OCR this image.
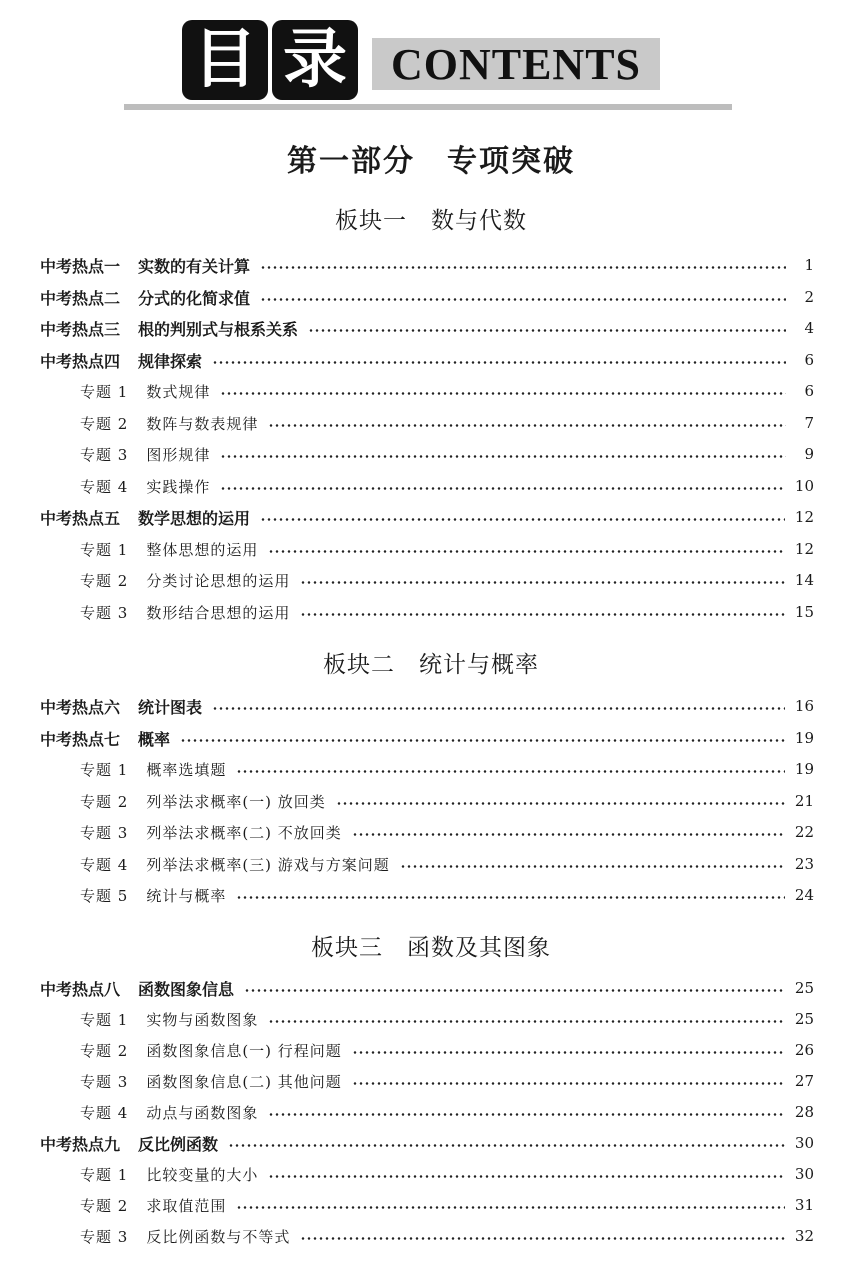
目 录 CONTENTS
第一部分　专项突破
板块一　数与代数
中考热点一 实数的有关计算	1
中考热点二 分式的化简求值	2
中考热点三 根的判别式与根系关系	4
中考热点四 规律探索	6
专题 1 数式规律	6
专题 2 数阵与数表规律	7
专题 3 图形规律	9
专题 4 实践操作	10
中考热点五 数学思想的运用	12
专题 1 整体思想的运用	12
专题 2 分类讨论思想的运用	14
专题 3 数形结合思想的运用	15
板块二　统计与概率
中考热点六 统计图表	16
中考热点七 概率	19
专题 1 概率选填题	19
专题 2 列举法求概率(一) 放回类	21
专题 3 列举法求概率(二) 不放回类	22
专题 4 列举法求概率(三) 游戏与方案问题	23
专题 5 统计与概率	24
板块三　函数及其图象
中考热点八 函数图象信息	25
专题 1 实物与函数图象	25
专题 2 函数图象信息(一) 行程问题	26
专题 3 函数图象信息(二) 其他问题	27
专题 4 动点与函数图象	28
中考热点九 反比例函数	30
专题 1 比较变量的大小	30
专题 2 求取值范围	31
专题 3 反比例函数与不等式	32
